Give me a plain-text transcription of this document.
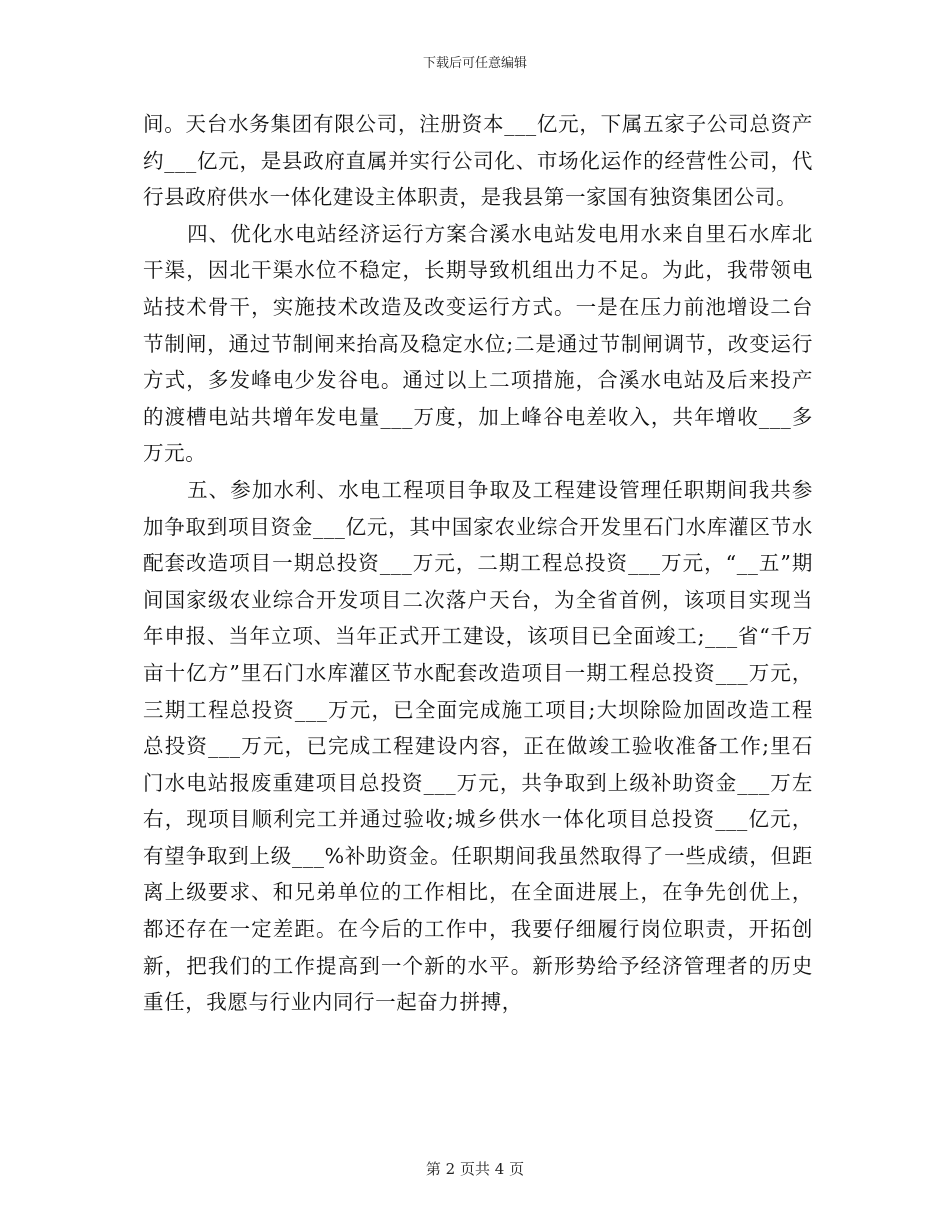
下载后可任意编辑

间。天台水务集团有限公司，注册资本___亿元，下属五家子公司总资产约___亿元，是县政府直属并实行公司化、市场化运作的经营性公司，代行县政府供水一体化建设主体职责，是我县第一家国有独资集团公司。

四、优化水电站经济运行方案合溪水电站发电用水来自里石水库北干渠，因北干渠水位不稳定，长期导致机组出力不足。为此，我带领电站技术骨干，实施技术改造及改变运行方式。一是在压力前池增设二台节制闸，通过节制闸来抬高及稳定水位;二是通过节制闸调节，改变运行方式，多发峰电少发谷电。通过以上二项措施，合溪水电站及后来投产的渡槽电站共增年发电量___万度，加上峰谷电差收入，共年增收___多万元。

五、参加水利、水电工程项目争取及工程建设管理任职期间我共参加争取到项目资金___亿元，其中国家农业综合开发里石门水库灌区节水配套改造项目一期总投资___万元，二期工程总投资___万元，“__五”期间国家级农业综合开发项目二次落户天台，为全省首例，该项目实现当年申报、当年立项、当年正式开工建设，该项目已全面竣工;___省“千万亩十亿方”里石门水库灌区节水配套改造项目一期工程总投资___万元，三期工程总投资___万元，已全面完成施工项目;大坝除险加固改造工程总投资___万元，已完成工程建设内容，正在做竣工验收准备工作;里石门水电站报废重建项目总投资___万元，共争取到上级补助资金___万左右，现项目顺利完工并通过验收;城乡供水一体化项目总投资___亿元，有望争取到上级___%补助资金。任职期间我虽然取得了一些成绩，但距离上级要求、和兄弟单位的工作相比，在全面进展上，在争先创优上，都还存在一定差距。在今后的工作中，我要仔细履行岗位职责，开拓创新，把我们的工作提高到一个新的水平。新形势给予经济管理者的历史重任，我愿与行业内同行一起奋力拼搏，

第 2 页共 4 页
